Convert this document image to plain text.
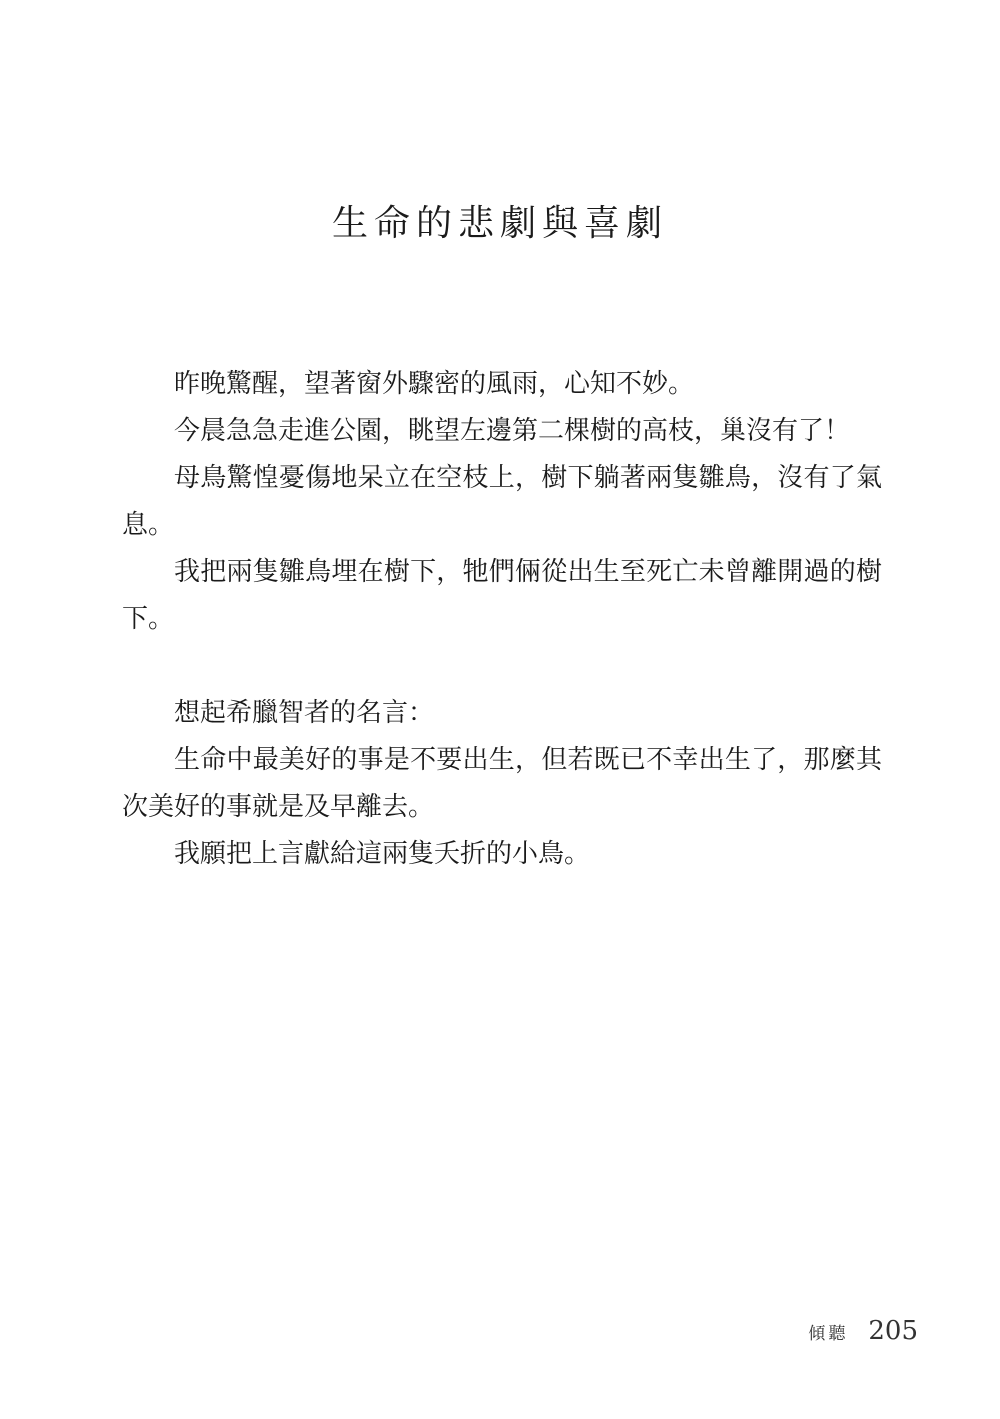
生命的悲劇與喜劇

昨晚驚醒，望著窗外驟密的風雨，心知不妙。

今晨急急走進公園，眺望左邊第二棵樹的高枝，巢沒有了！

母鳥驚惶憂傷地呆立在空枝上，樹下躺著兩隻雛鳥，沒有了氣息。

我把兩隻雛鳥埋在樹下，牠們倆從出生至死亡未曾離開過的樹下。

想起希臘智者的名言：

生命中最美好的事是不要出生，但若既已不幸出生了，那麼其次美好的事就是及早離去。

我願把上言獻給這兩隻夭折的小鳥。

傾聽 205
